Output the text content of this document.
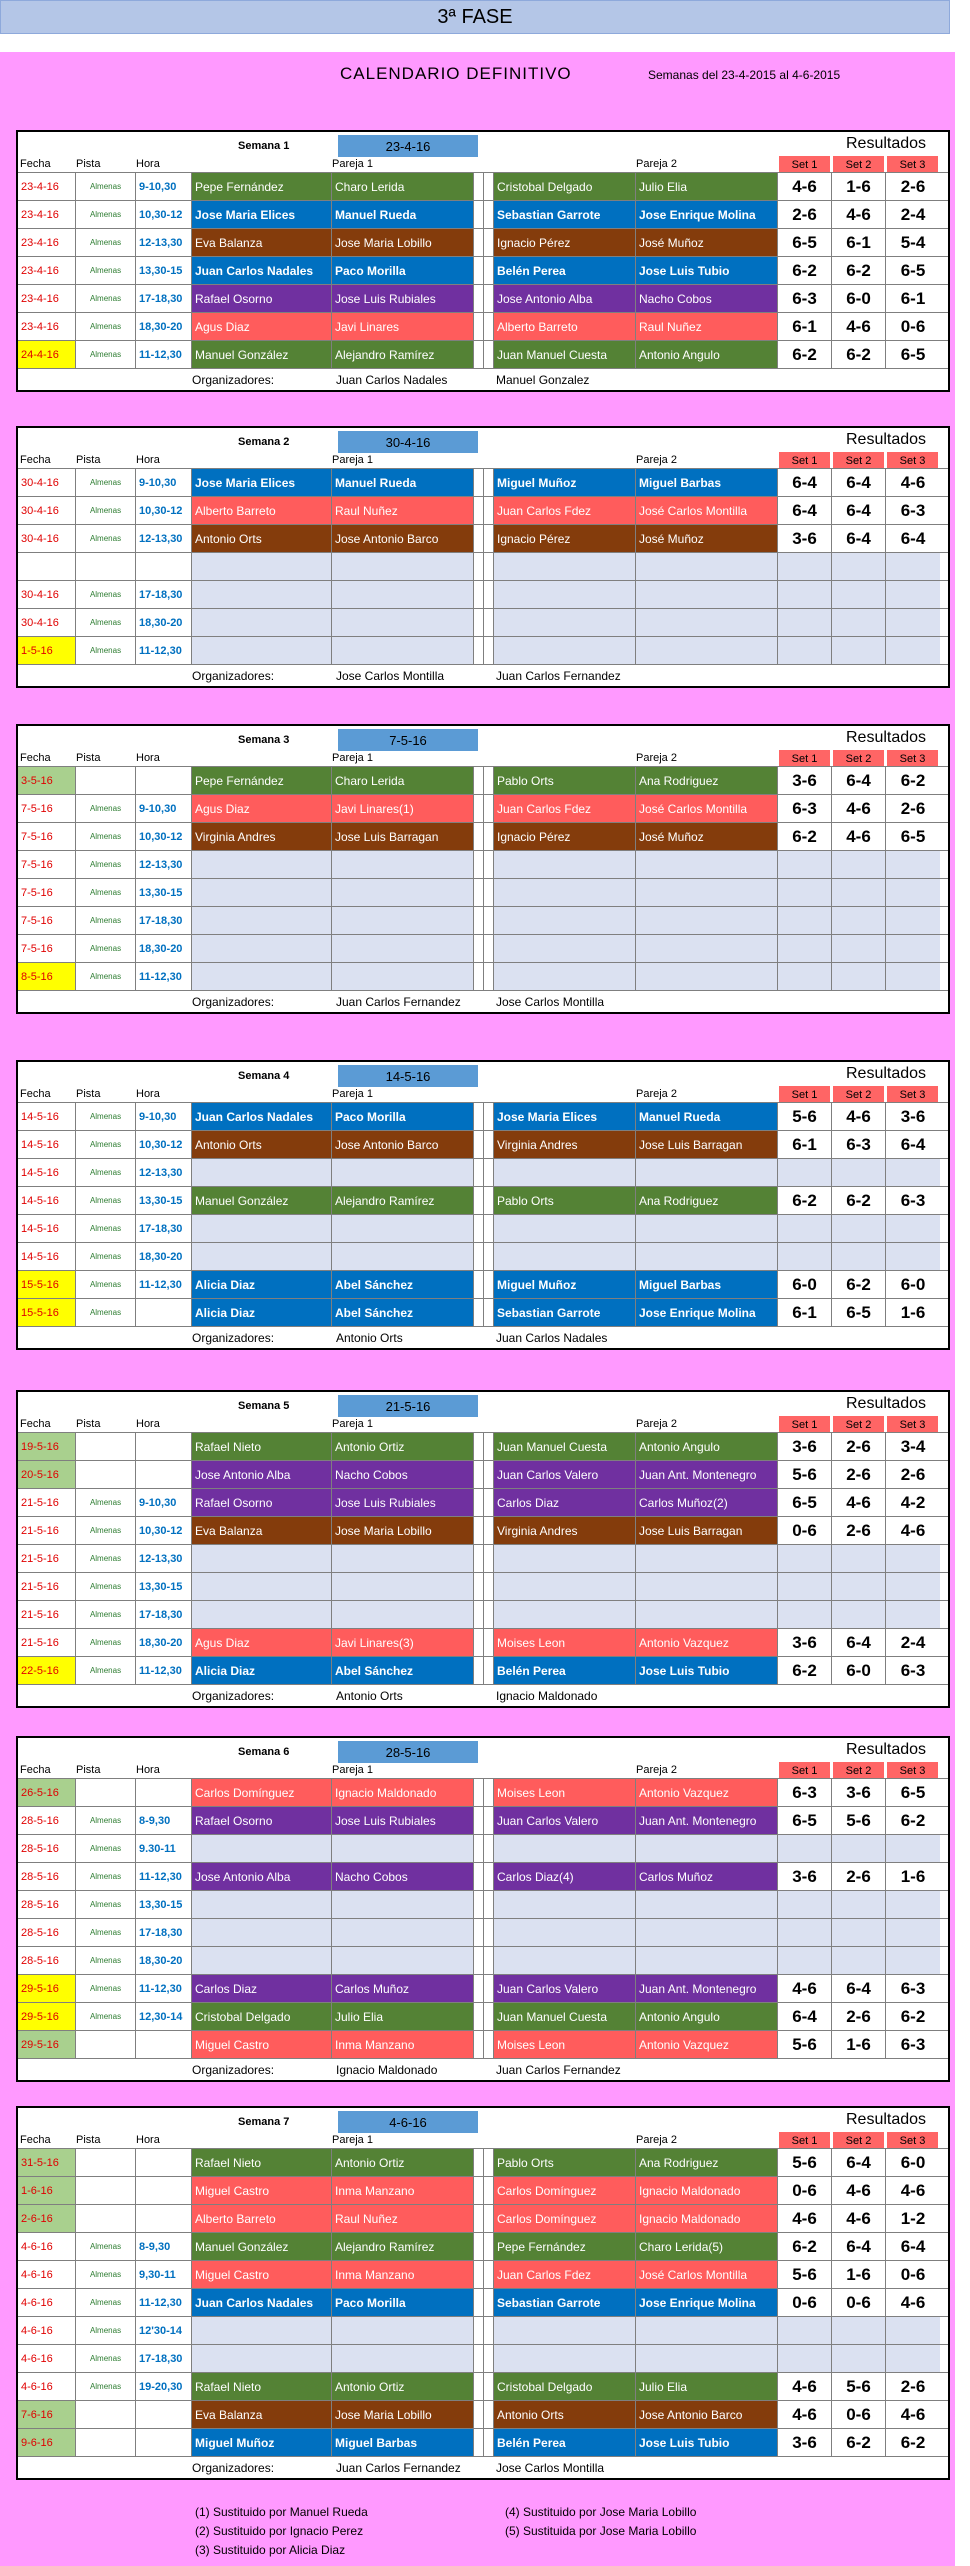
3ª FASE
CALENDARIO DEFINITIVO	Semanas del 23-4-2015 al 4-6-2015
Semana 1	23-4-16	Resultados
Fecha Pista	Hora	Pareja 1	Pareja 2	Set 1	Set 2	Set 3
23-4-16	Almenas	9-10,30	Pepe Fernández	Charo Lerida	Cristobal Delgado	Julio Elia	4-6	1-6	2-6
23-4-16	Almenas	10,30-12	Jose Maria Elices	Manuel Rueda	Sebastian Garrote	Jose Enrique Molina	2-6	4-6	2-4
23-4-16	Almenas	12-13,30	Eva Balanza	Jose Maria Lobillo	Ignacio Pérez	José Muñoz	6-5	6-1	5-4
23-4-16	Almenas	13,30-15	Juan Carlos Nadales	Paco Morilla	Belén Perea	Jose Luis Tubio	6-2	6-2	6-5
23-4-16	Almenas	17-18,30	Rafael Osorno	Jose Luis Rubiales	Jose Antonio Alba	Nacho Cobos	6-3	6-0	6-1
23-4-16	Almenas	18,30-20	Agus Diaz	Javi Linares	Alberto Barreto	Raul Nuñez	6-1	4-6	0-6
24-4-16	Almenas	11-12,30	Manuel González	Alejandro Ramírez	Juan Manuel Cuesta	Antonio Angulo	6-2	6-2	6-5
Organizadores:	Juan Carlos Nadales	Manuel Gonzalez
Semana 2	30-4-16	Resultados
Fecha Pista	Hora	Pareja 1	Pareja 2	Set 1	Set 2	Set 3
30-4-16	Almenas	9-10,30	Jose Maria Elices	Manuel Rueda	Miguel Muñoz	Miguel Barbas	6-4	6-4	4-6
30-4-16	Almenas	10,30-12	Alberto Barreto	Raul Nuñez	Juan Carlos Fdez	José Carlos Montilla	6-4	6-4	6-3
30-4-16	Almenas	12-13,30	Antonio Orts	Jose Antonio Barco	Ignacio Pérez	José Muñoz	3-6	6-4	6-4
30-4-16	Almenas	17-18,30
30-4-16	Almenas	18,30-20
1-5-16	Almenas	11-12,30
Organizadores:	Jose Carlos Montilla	Juan Carlos Fernandez
Semana 3	7-5-16	Resultados
Fecha Pista	Hora	Pareja 1	Pareja 2	Set 1	Set 2	Set 3
3-5-16	Pepe Fernández	Charo Lerida	Pablo Orts	Ana Rodriguez	3-6	6-4	6-2
7-5-16	Almenas	9-10,30	Agus Diaz	Javi Linares(1)	Juan Carlos Fdez	José Carlos Montilla	6-3	4-6	2-6
7-5-16	Almenas	10,30-12	Virginia Andres	Jose Luis Barragan	Ignacio Pérez	José Muñoz	6-2	4-6	6-5
7-5-16	Almenas	12-13,30
7-5-16	Almenas	13,30-15
7-5-16	Almenas	17-18,30
7-5-16	Almenas	18,30-20
8-5-16	Almenas	11-12,30
Organizadores:	Juan Carlos Fernandez	Jose Carlos Montilla
Semana 4	14-5-16	Resultados
Fecha Pista	Hora	Pareja 1	Pareja 2	Set 1	Set 2	Set 3
14-5-16	Almenas	9-10,30	Juan Carlos Nadales	Paco Morilla	Jose Maria Elices	Manuel Rueda	5-6	4-6	3-6
14-5-16	Almenas	10,30-12	Antonio Orts	Jose Antonio Barco	Virginia Andres	Jose Luis Barragan	6-1	6-3	6-4
14-5-16	Almenas	12-13,30
14-5-16	Almenas	13,30-15	Manuel González	Alejandro Ramírez	Pablo Orts	Ana Rodriguez	6-2	6-2	6-3
14-5-16	Almenas	17-18,30
14-5-16	Almenas	18,30-20
15-5-16	Almenas	11-12,30	Alicia Diaz	Abel Sánchez	Miguel Muñoz	Miguel Barbas	6-0	6-2	6-0
15-5-16	Almenas	Alicia Diaz	Abel Sánchez	Sebastian Garrote	Jose Enrique Molina	6-1	6-5	1-6
Organizadores:	Antonio Orts	Juan Carlos Nadales
Semana 5	21-5-16	Resultados
Fecha Pista	Hora	Pareja 1	Pareja 2	Set 1	Set 2	Set 3
19-5-16	Rafael Nieto	Antonio Ortiz	Juan Manuel Cuesta	Antonio Angulo	3-6	2-6	3-4
20-5-16	Jose Antonio Alba	Nacho Cobos	Juan Carlos Valero	Juan Ant. Montenegro	5-6	2-6	2-6
21-5-16	Almenas	9-10,30	Rafael Osorno	Jose Luis Rubiales	Carlos Diaz	Carlos Muñoz(2)	6-5	4-6	4-2
21-5-16	Almenas	10,30-12	Eva Balanza	Jose Maria Lobillo	Virginia Andres	Jose Luis Barragan	0-6	2-6	4-6
21-5-16	Almenas	12-13,30
21-5-16	Almenas	13,30-15
21-5-16	Almenas	17-18,30
21-5-16	Almenas	18,30-20	Agus Diaz	Javi Linares(3)	Moises Leon	Antonio Vazquez	3-6	6-4	2-4
22-5-16	Almenas	11-12,30	Alicia Diaz	Abel Sánchez	Belén Perea	Jose Luis Tubio	6-2	6-0	6-3
Organizadores:	Antonio Orts	Ignacio Maldonado
Semana 6	28-5-16	Resultados
Fecha Pista	Hora	Pareja 1	Pareja 2	Set 1	Set 2	Set 3
26-5-16	Carlos Domínguez	Ignacio Maldonado	Moises Leon	Antonio Vazquez	6-3	3-6	6-5
28-5-16	Almenas	8-9,30	Rafael Osorno	Jose Luis Rubiales	Juan Carlos Valero	Juan Ant. Montenegro	6-5	5-6	6-2
28-5-16	Almenas	9.30-11
28-5-16	Almenas	11-12,30	Jose Antonio Alba	Nacho Cobos	Carlos Diaz(4)	Carlos Muñoz	3-6	2-6	1-6
28-5-16	Almenas	13,30-15
28-5-16	Almenas	17-18,30
28-5-16	Almenas	18,30-20
29-5-16	Almenas	11-12,30	Carlos Diaz	Carlos Muñoz	Juan Carlos Valero	Juan Ant. Montenegro	4-6	6-4	6-3
29-5-16	Almenas	12,30-14	Cristobal Delgado	Julio Elia	Juan Manuel Cuesta	Antonio Angulo	6-4	2-6	6-2
29-5-16	Miguel Castro	Inma Manzano	Moises Leon	Antonio Vazquez	5-6	1-6	6-3
Organizadores:	Ignacio Maldonado	Juan Carlos Fernandez
Semana 7	4-6-16	Resultados
Fecha Pista	Hora	Pareja 1	Pareja 2	Set 1	Set 2	Set 3
31-5-16	Rafael Nieto	Antonio Ortiz	Pablo Orts	Ana Rodriguez	5-6	6-4	6-0
1-6-16	Miguel Castro	Inma Manzano	Carlos Domínguez	Ignacio Maldonado	0-6	4-6	4-6
2-6-16	Alberto Barreto	Raul Nuñez	Carlos Domínguez	Ignacio Maldonado	4-6	4-6	1-2
4-6-16	Almenas	8-9,30	Manuel González	Alejandro Ramírez	Pepe Fernández	Charo Lerida(5)	6-2	6-4	6-4
4-6-16	Almenas	9,30-11	Miguel Castro	Inma Manzano	Juan Carlos Fdez	José Carlos Montilla	5-6	1-6	0-6
4-6-16	Almenas	11-12,30	Juan Carlos Nadales	Paco Morilla	Sebastian Garrote	Jose Enrique Molina	0-6	0-6	4-6
4-6-16	Almenas	12'30-14
4-6-16	Almenas	17-18,30
4-6-16	Almenas	19-20,30	Rafael Nieto	Antonio Ortiz	Cristobal Delgado	Julio Elia	4-6	5-6	2-6
7-6-16	Eva Balanza	Jose Maria Lobillo	Antonio Orts	Jose Antonio Barco	4-6	0-6	4-6
9-6-16	Miguel Muñoz	Miguel Barbas	Belén Perea	Jose Luis Tubio	3-6	6-2	6-2
Organizadores:	Juan Carlos Fernandez	Jose Carlos Montilla
(1) Sustituido por Manuel Rueda
(2) Sustituido por Ignacio Perez
(3) Sustituido por Alicia Diaz
(4) Sustituido por Jose Maria Lobillo
(5) Sustituida por Jose Maria Lobillo
